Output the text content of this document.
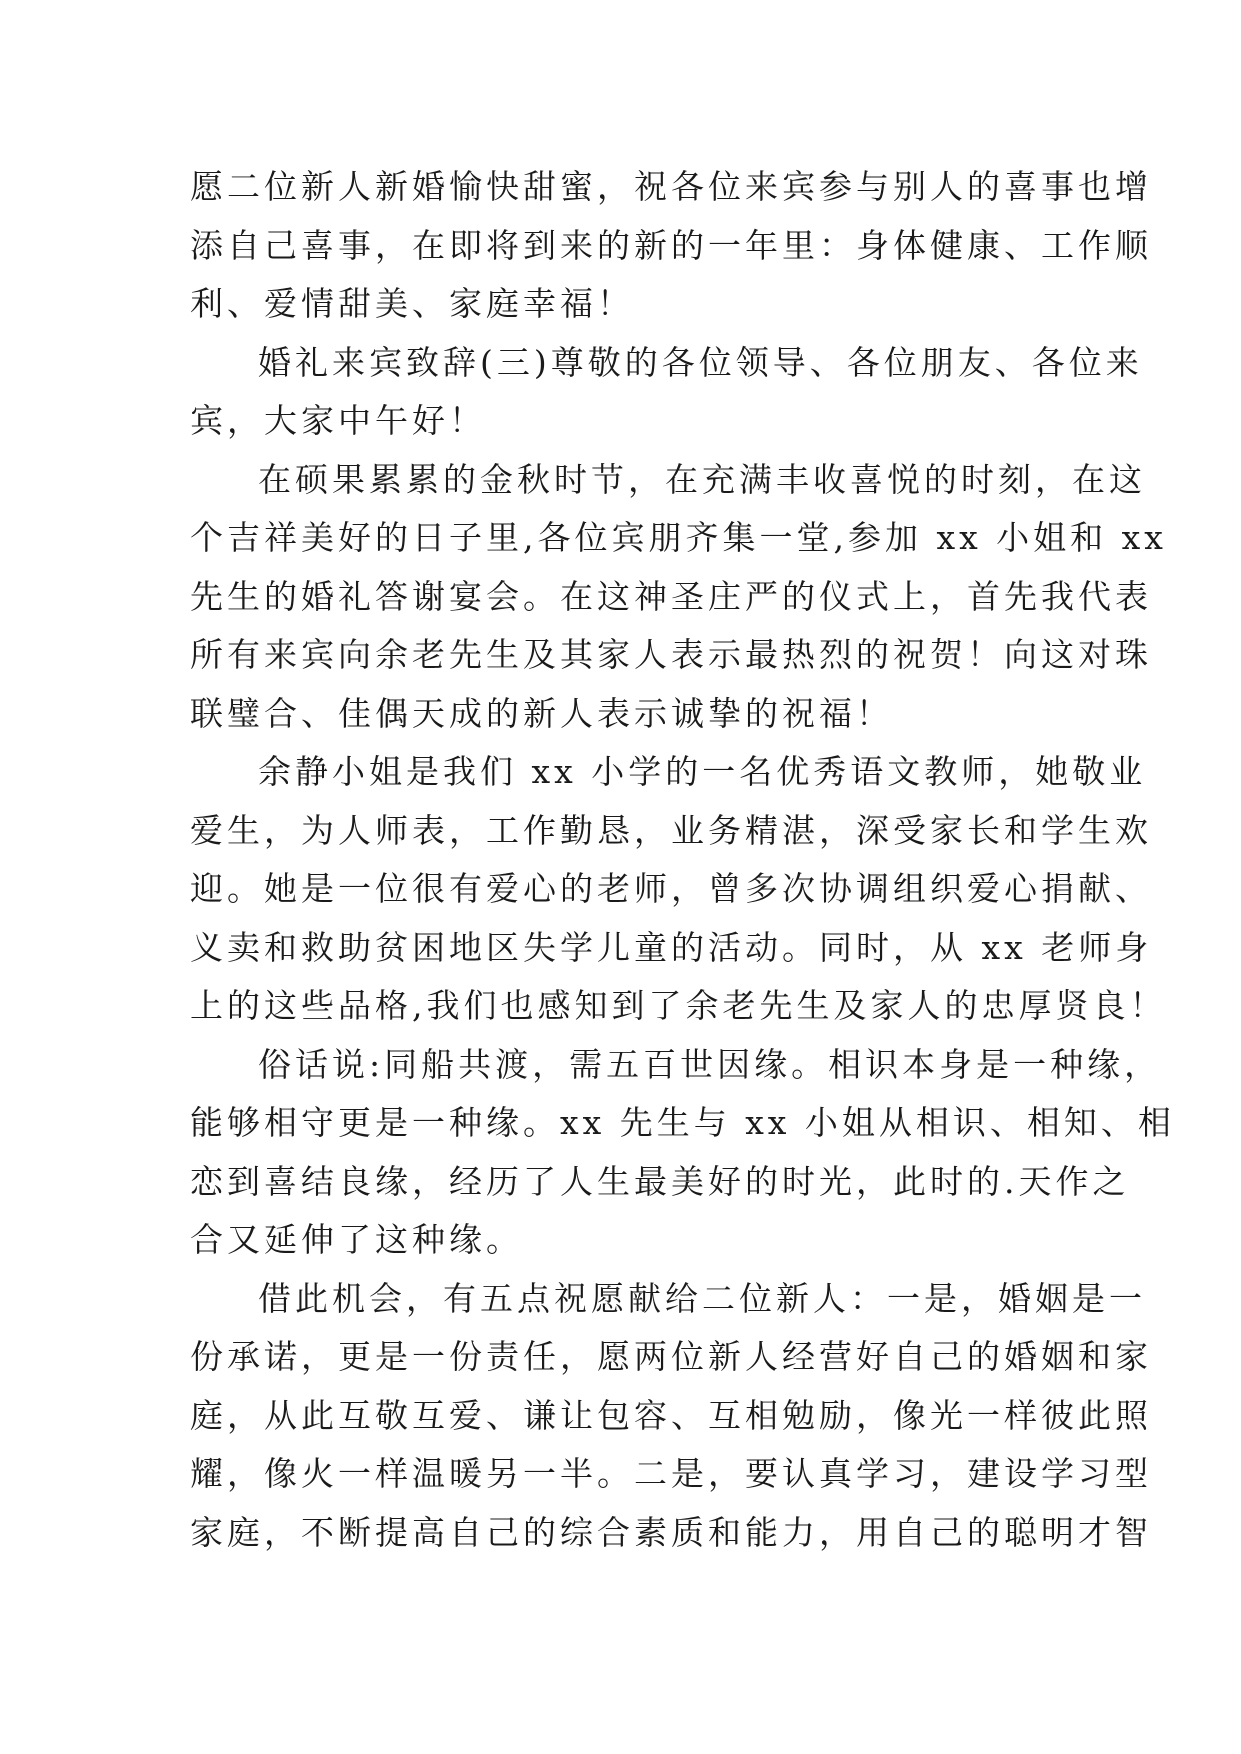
愿二位新人新婚愉快甜蜜，祝各位来宾参与别人的喜事也增
添自己喜事，在即将到来的新的一年里：身体健康、工作顺
利、爱情甜美、家庭幸福！
婚礼来宾致辞(三)尊敬的各位领导、各位朋友、各位来
宾，大家中午好！
在硕果累累的金秋时节，在充满丰收喜悦的时刻，在这
个吉祥美好的日子里,各位宾朋齐集一堂,参加 xx 小姐和 xx
先生的婚礼答谢宴会。在这神圣庄严的仪式上，首先我代表
所有来宾向余老先生及其家人表示最热烈的祝贺！向这对珠
联璧合、佳偶天成的新人表示诚挚的祝福！
余静小姐是我们 xx 小学的一名优秀语文教师，她敬业
爱生，为人师表，工作勤恳，业务精湛，深受家长和学生欢
迎。她是一位很有爱心的老师，曾多次协调组织爱心捐献、
义卖和救助贫困地区失学儿童的活动。同时，从 xx 老师身
上的这些品格,我们也感知到了余老先生及家人的忠厚贤良！
俗话说:同船共渡，需五百世因缘。相识本身是一种缘，
能够相守更是一种缘。xx 先生与 xx 小姐从相识、相知、相
恋到喜结良缘，经历了人生最美好的时光，此时的.天作之
合又延伸了这种缘。
借此机会，有五点祝愿献给二位新人：一是，婚姻是一
份承诺，更是一份责任，愿两位新人经营好自己的婚姻和家
庭，从此互敬互爱、谦让包容、互相勉励，像光一样彼此照
耀，像火一样温暖另一半。二是，要认真学习，建设学习型
家庭，不断提高自己的综合素质和能力，用自己的聪明才智
